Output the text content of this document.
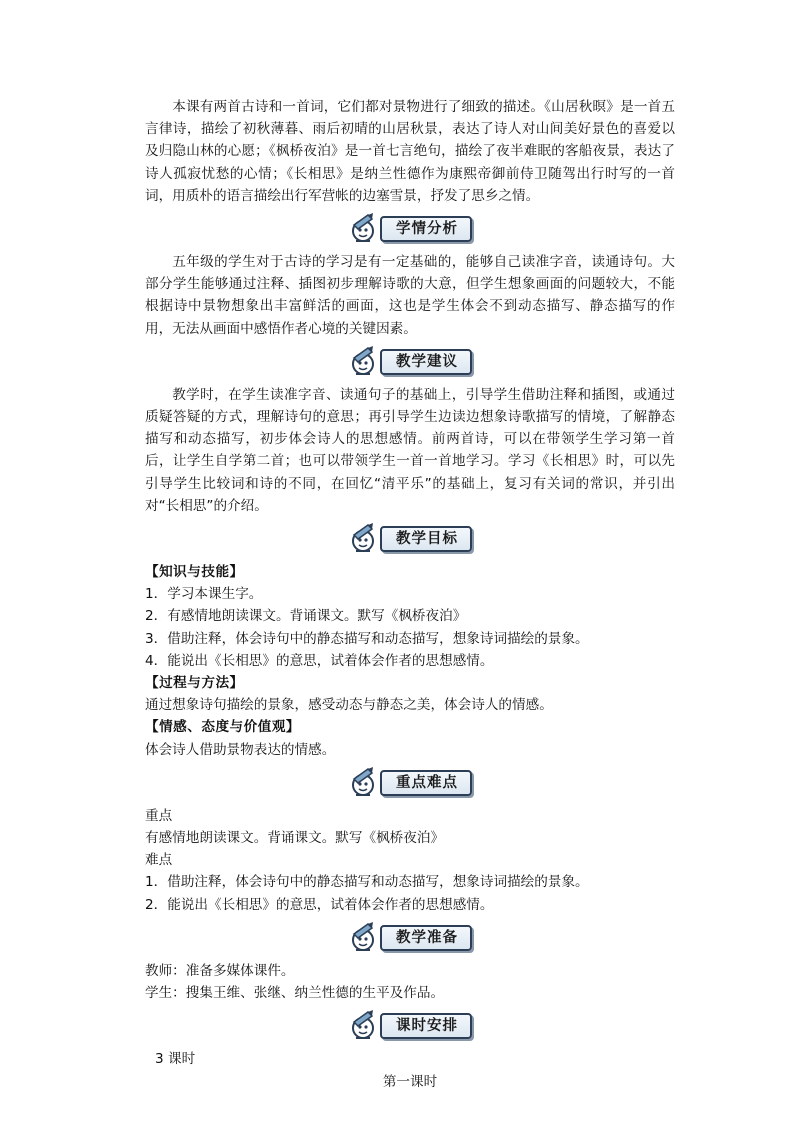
本课有两首古诗和一首词，它们都对景物进行了细致的描述。《山居秋暝》是一首五言律诗，描绘了初秋薄暮、雨后初晴的山居秋景，表达了诗人对山间美好景色的喜爱以及归隐山林的心愿；《枫桥夜泊》是一首七言绝句，描绘了夜半难眠的客船夜景，表达了诗人孤寂忧愁的心情；《长相思》是纳兰性德作为康熙帝御前侍卫随驾出行时写的一首词，用质朴的语言描绘出行军营帐的边塞雪景，抒发了思乡之情。

学情分析

五年级的学生对于古诗的学习是有一定基础的，能够自己读准字音，读通诗句。大部分学生能够通过注释、插图初步理解诗歌的大意，但学生想象画面的问题较大，不能根据诗中景物想象出丰富鲜活的画面，这也是学生体会不到动态描写、静态描写的作用，无法从画面中感悟作者心境的关键因素。

教学建议

教学时，在学生读准字音、读通句子的基础上，引导学生借助注释和插图，或通过质疑答疑的方式，理解诗句的意思；再引导学生边读边想象诗歌描写的情境，了解静态描写和动态描写，初步体会诗人的思想感情。前两首诗，可以在带领学生学习第一首后，让学生自学第二首；也可以带领学生一首一首地学习。学习《长相思》时，可以先引导学生比较词和诗的不同，在回忆“清平乐”的基础上，复习有关词的常识，并引出对“长相思”的介绍。

教学目标

【知识与技能】

1．学习本课生字。

2．有感情地朗读课文。背诵课文。默写《枫桥夜泊》

3．借助注释，体会诗句中的静态描写和动态描写，想象诗词描绘的景象。

4．能说出《长相思》的意思，试着体会作者的思想感情。

【过程与方法】

通过想象诗句描绘的景象，感受动态与静态之美，体会诗人的情感。

【情感、态度与价值观】

体会诗人借助景物表达的情感。

重点难点

重点

有感情地朗读课文。背诵课文。默写《枫桥夜泊》

难点

1．借助注释，体会诗句中的静态描写和动态描写，想象诗词描绘的景象。

2．能说出《长相思》的意思，试着体会作者的思想感情。

教学准备

教师：准备多媒体课件。

学生：搜集王维、张继、纳兰性德的生平及作品。

课时安排

3 课时

第一课时
